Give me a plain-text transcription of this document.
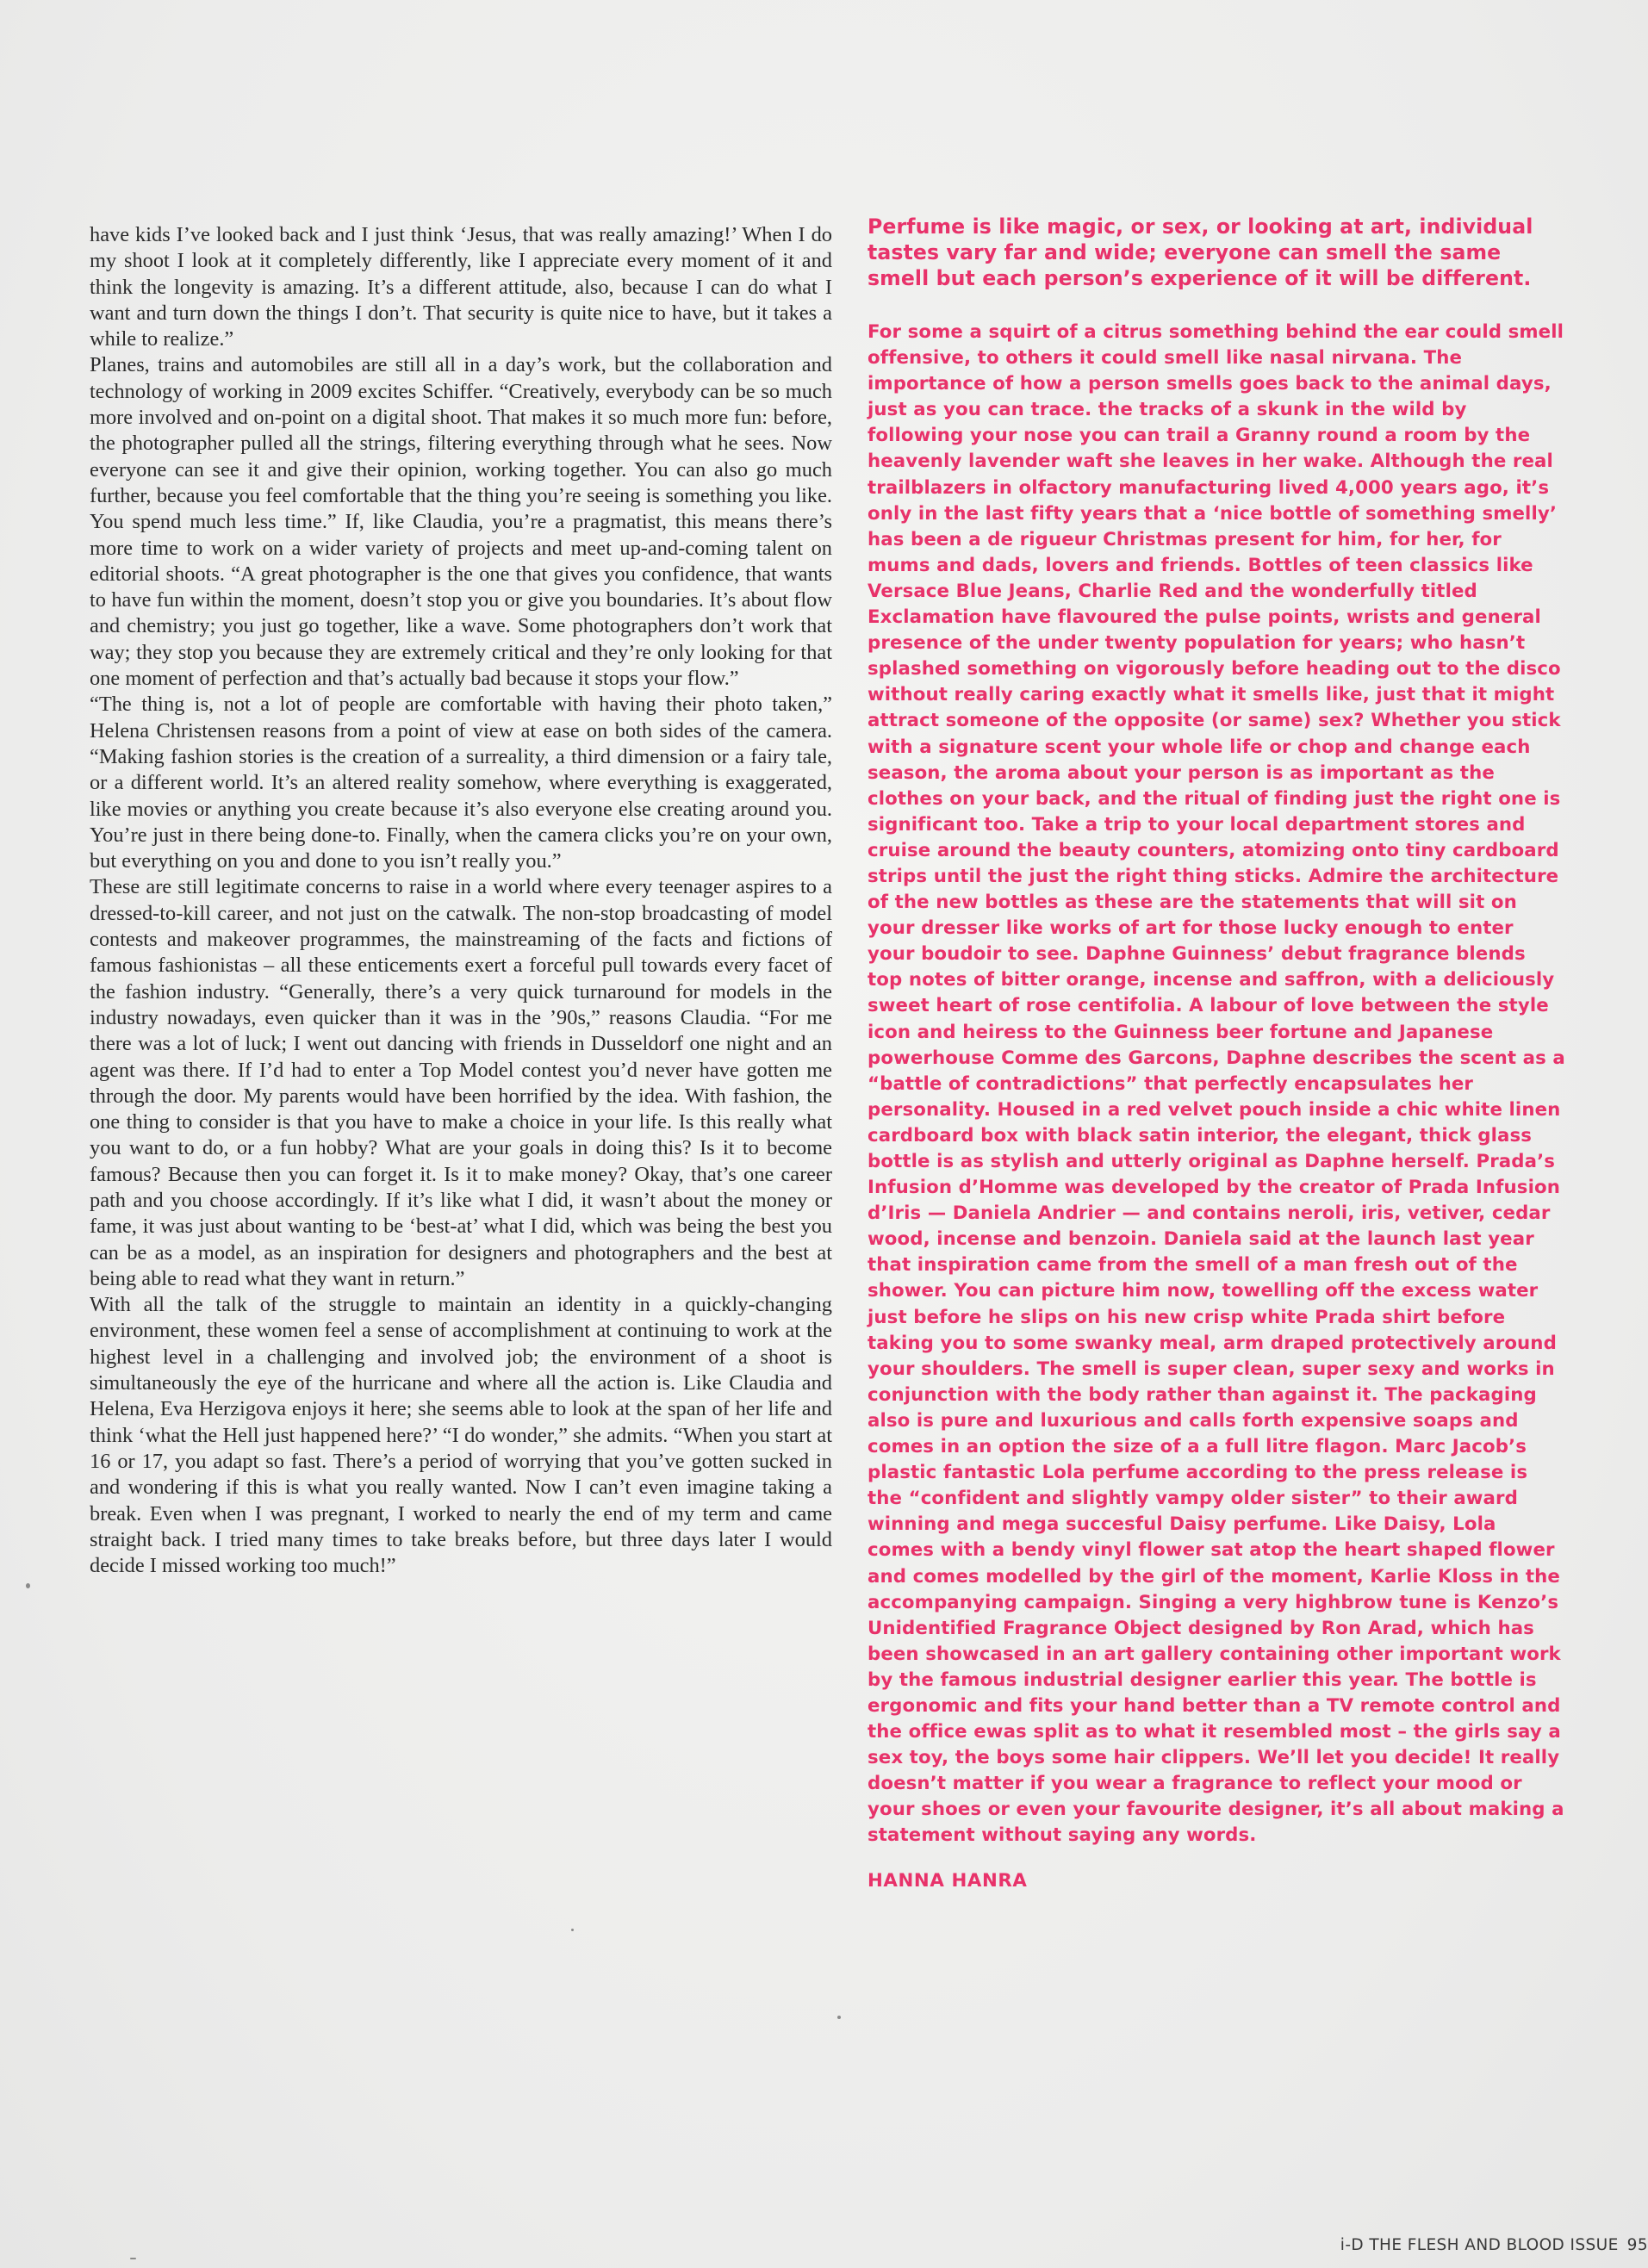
have kids I’ve looked back and I just think ‘Jesus, that was really amazing!’ When I do my shoot I look at it completely differently, like I appreciate every moment of it and think the longevity is amazing. It’s a different attitude, also, because I can do what I want and turn down the things I don’t. That security is quite nice to have, but it takes a while to realize.”

Planes, trains and automobiles are still all in a day’s work, but the collaboration and technology of working in 2009 excites Schiffer. “Creatively, everybody can be so much more involved and on-point on a digital shoot. That makes it so much more fun: before, the photographer pulled all the strings, filtering everything through what he sees. Now everyone can see it and give their opinion, working together. You can also go much further, because you feel comfortable that the thing you’re seeing is something you like. You spend much less time.” If, like Claudia, you’re a pragmatist, this means there’s more time to work on a wider variety of projects and meet up-and-coming talent on editorial shoots. “A great photographer is the one that gives you confidence, that wants to have fun within the moment, doesn’t stop you or give you boundaries. It’s about flow and chemistry; you just go together, like a wave. Some photographers don’t work that way; they stop you because they are extremely critical and they’re only looking for that one moment of perfection and that’s actually bad because it stops your flow.”

“The thing is, not a lot of people are comfortable with having their photo taken,” Helena Christensen reasons from a point of view at ease on both sides of the camera. “Making fashion stories is the creation of a surreality, a third dimension or a fairy tale, or a different world. It’s an altered reality somehow, where everything is exaggerated, like movies or anything you create because it’s also everyone else creating around you. You’re just in there being done-to. Finally, when the camera clicks you’re on your own, but everything on you and done to you isn’t really you.”

These are still legitimate concerns to raise in a world where every teenager aspires to a dressed-to-kill career, and not just on the catwalk. The non-stop broadcasting of model contests and makeover programmes, the mainstreaming of the facts and fictions of famous fashionistas – all these enticements exert a forceful pull towards every facet of the fashion industry. “Generally, there’s a very quick turnaround for models in the industry nowadays, even quicker than it was in the ’90s,” reasons Claudia. “For me there was a lot of luck; I went out dancing with friends in Dusseldorf one night and an agent was there. If I’d had to enter a Top Model contest you’d never have gotten me through the door. My parents would have been horrified by the idea. With fashion, the one thing to consider is that you have to make a choice in your life. Is this really what you want to do, or a fun hobby? What are your goals in doing this? Is it to become famous? Because then you can forget it. Is it to make money? Okay, that’s one career path and you choose accordingly. If it’s like what I did, it wasn’t about the money or fame, it was just about wanting to be ‘best-at’ what I did, which was being the best you can be as a model, as an inspiration for designers and photographers and the best at being able to read what they want in return.”

With all the talk of the struggle to maintain an identity in a quickly-changing environment, these women feel a sense of accomplishment at continuing to work at the highest level in a challenging and involved job; the environment of a shoot is simultaneously the eye of the hurricane and where all the action is. Like Claudia and Helena, Eva Herzigova enjoys it here; she seems able to look at the span of her life and think ‘what the Hell just happened here?’ “I do wonder,” she admits. “When you start at 16 or 17, you adapt so fast. There’s a period of worrying that you’ve gotten sucked in and wondering if this is what you really wanted. Now I can’t even imagine taking a break. Even when I was pregnant, I worked to nearly the end of my term and came straight back. I tried many times to take breaks before, but three days later I would decide I missed working too much!”

Perfume is like magic, or sex, or looking at art, individual tastes vary far and wide; everyone can smell the same smell but each person’s experience of it will be different.

For some a squirt of a citrus something behind the ear could smell offensive, to others it could smell like nasal nirvana. The importance of how a person smells goes back to the animal days, just as you can trace. the tracks of a skunk in the wild by following your nose you can trail a Granny round a room by the heavenly lavender waft she leaves in her wake. Although the real trailblazers in olfactory manufacturing lived 4,000 years ago, it’s only in the last fifty years that a ‘nice bottle of something smelly’ has been a de rigueur Christmas present for him, for her, for mums and dads, lovers and friends. Bottles of teen classics like Versace Blue Jeans, Charlie Red and the wonderfully titled Exclamation have flavoured the pulse points, wrists and general presence of the under twenty population for years; who hasn’t splashed something on vigorously before heading out to the disco without really caring exactly what it smells like, just that it might attract someone of the opposite (or same) sex? Whether you stick with a signature scent your whole life or chop and change each season, the aroma about your person is as important as the clothes on your back, and the ritual of finding just the right one is significant too. Take a trip to your local department stores and cruise around the beauty counters, atomizing onto tiny cardboard strips until the just the right thing sticks. Admire the architecture of the new bottles as these are the statements that will sit on your dresser like works of art for those lucky enough to enter your boudoir to see. Daphne Guinness’ debut fragrance blends top notes of bitter orange, incense and saffron, with a deliciously sweet heart of rose centifolia. A labour of love between the style icon and heiress to the Guinness beer fortune and Japanese powerhouse Comme des Garcons, Daphne describes the scent as a “battle of contradictions” that perfectly encapsulates her personality. Housed in a red velvet pouch inside a chic white linen cardboard box with black satin interior, the elegant, thick glass bottle is as stylish and utterly original as Daphne herself. Prada’s Infusion d’Homme was developed by the creator of Prada Infusion d’Iris — Daniela Andrier — and contains neroli, iris, vetiver, cedar wood, incense and benzoin. Daniela said at the launch last year that inspiration came from the smell of a man fresh out of the shower. You can picture him now, towelling off the excess water just before he slips on his new crisp white Prada shirt before taking you to some swanky meal, arm draped protectively around your shoulders. The smell is super clean, super sexy and works in conjunction with the body rather than against it. The packaging also is pure and luxurious and calls forth expensive soaps and comes in an option the size of a a full litre flagon. Marc Jacob’s plastic fantastic Lola perfume according to the press release is the “confident and slightly vampy older sister” to their award winning and mega succesful Daisy perfume. Like Daisy, Lola comes with a bendy vinyl flower sat atop the heart shaped flower and comes modelled by the girl of the moment, Karlie Kloss in the accompanying campaign. Singing a very highbrow tune is Kenzo’s Unidentified Fragrance Object designed by Ron Arad, which has been showcased in an art gallery containing other important work by the famous industrial designer earlier this year. The bottle is ergonomic and fits your hand better than a TV remote control and the office ewas split as to what it resembled most – the girls say a sex toy, the boys some hair clippers. We’ll let you decide! It really doesn’t matter if you wear a fragrance to reflect your mood or your shoes or even your favourite designer, it’s all about making a statement without saying any words.

HANNA HANRA

i-D THE FLESH AND BLOOD ISSUE 95
